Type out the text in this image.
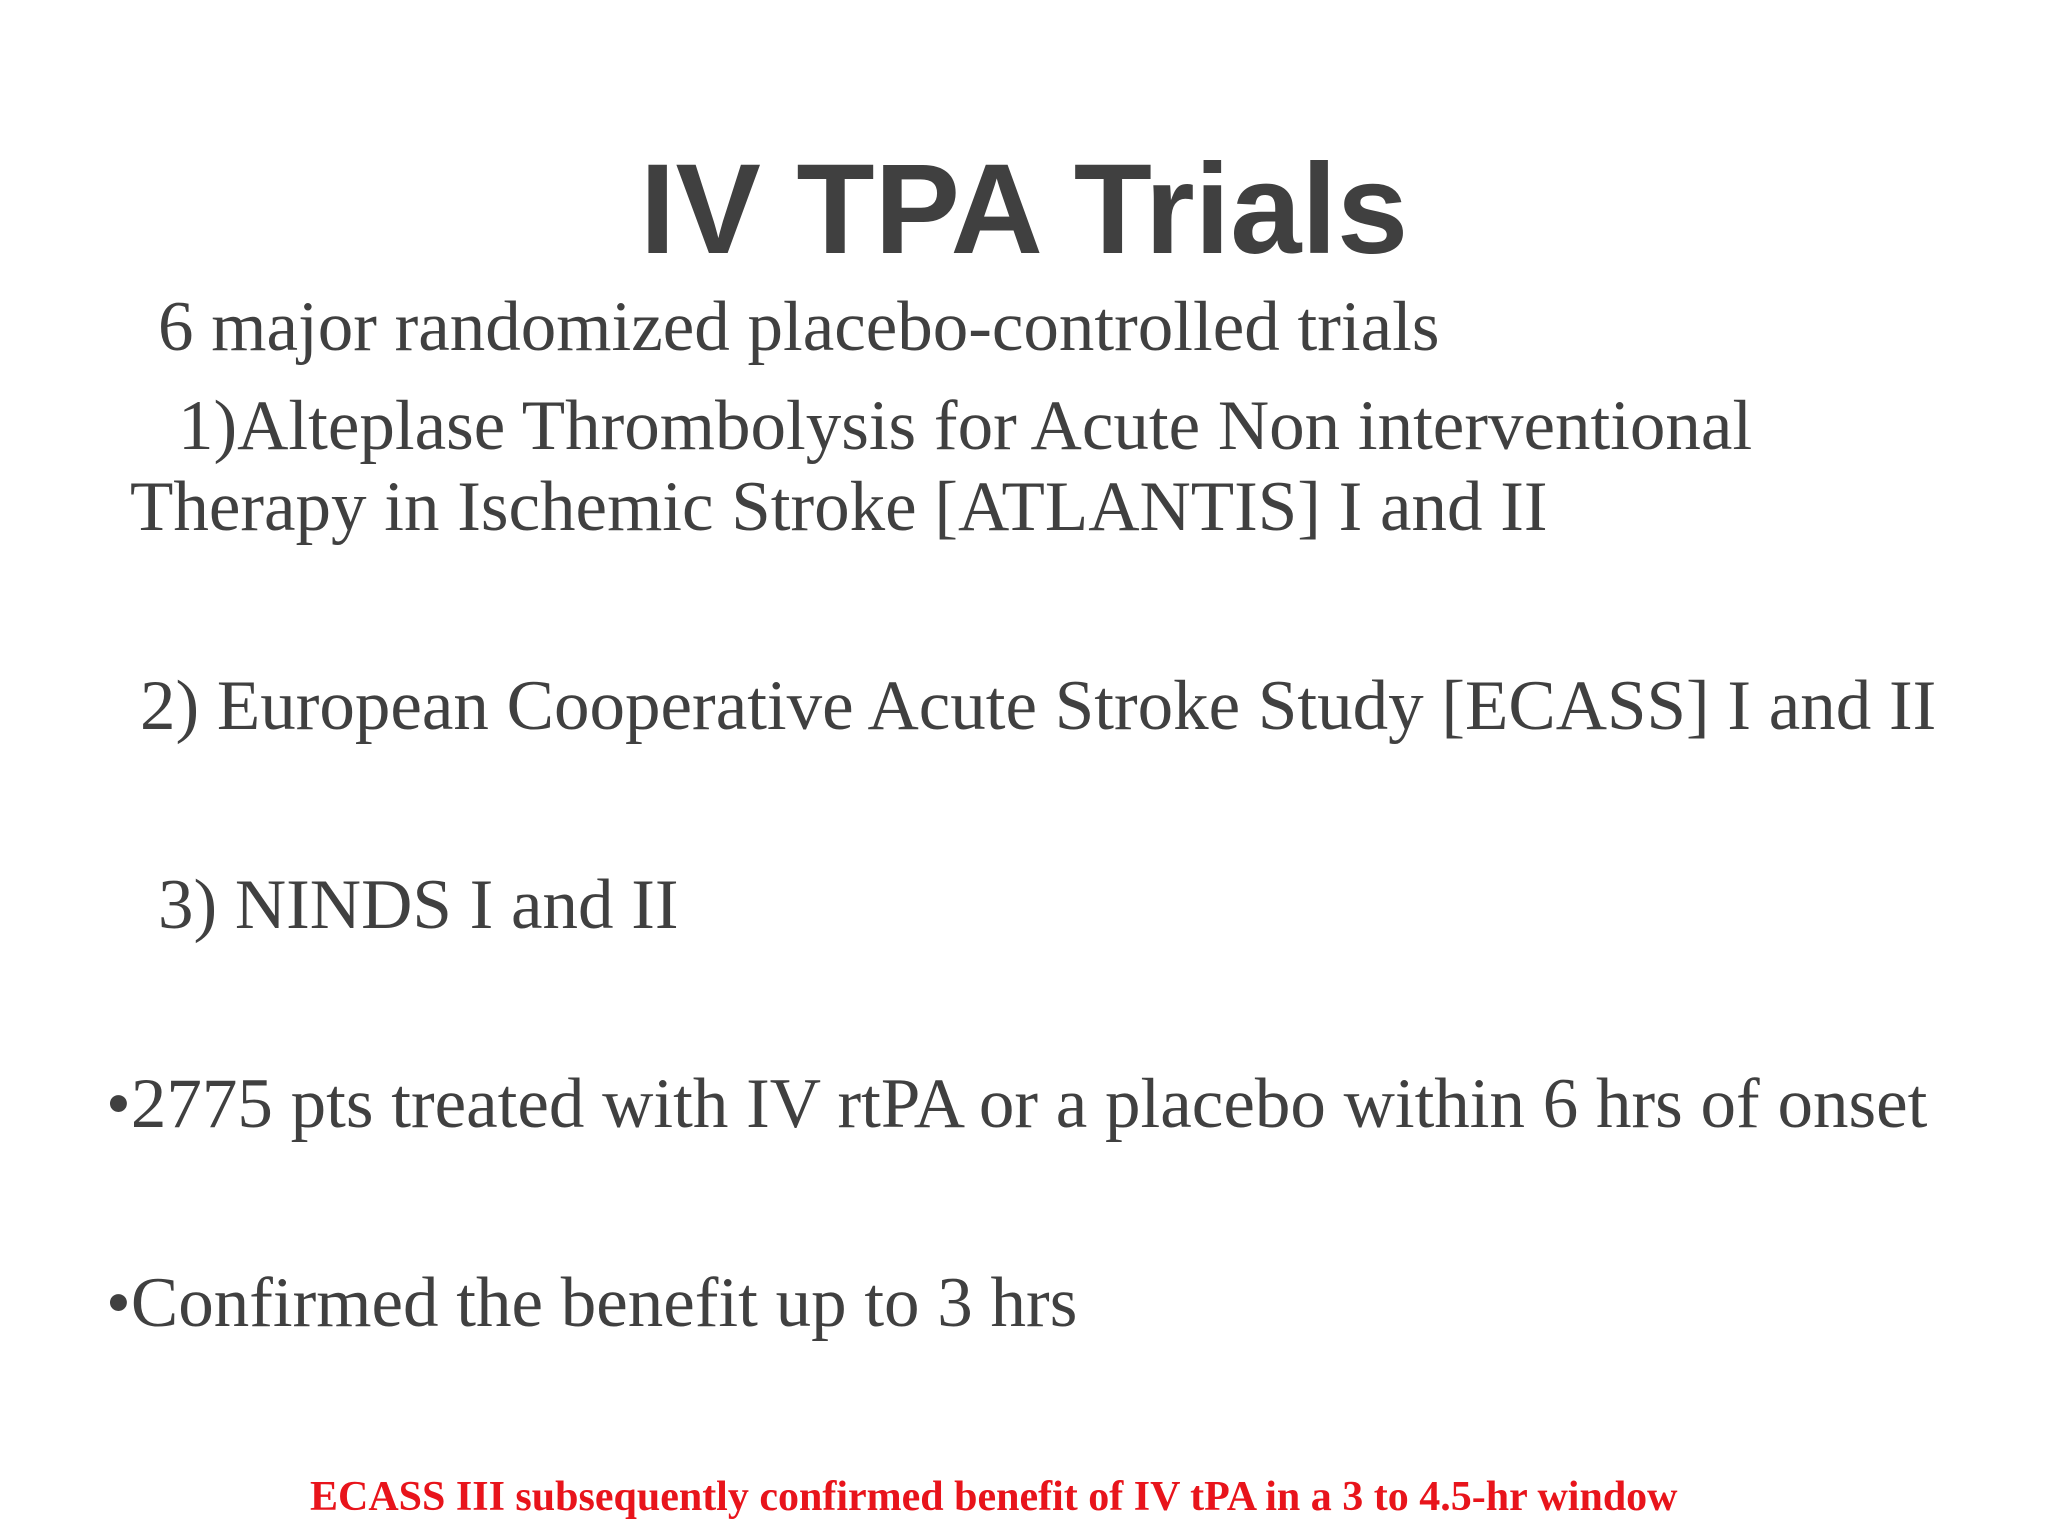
IV TPA Trials

6 major randomized placebo-controlled trials

1)Alteplase Thrombolysis for Acute Non interventional

Therapy in Ischemic Stroke [ATLANTIS] I and II

2) European Cooperative Acute Stroke Study [ECASS] I and II

3) NINDS I and II

•2775 pts treated with IV rtPA or a placebo within 6 hrs of onset

•Confirmed the benefit up to 3 hrs

ECASS III subsequently confirmed benefit of IV tPA in a 3 to 4.5-hr window
